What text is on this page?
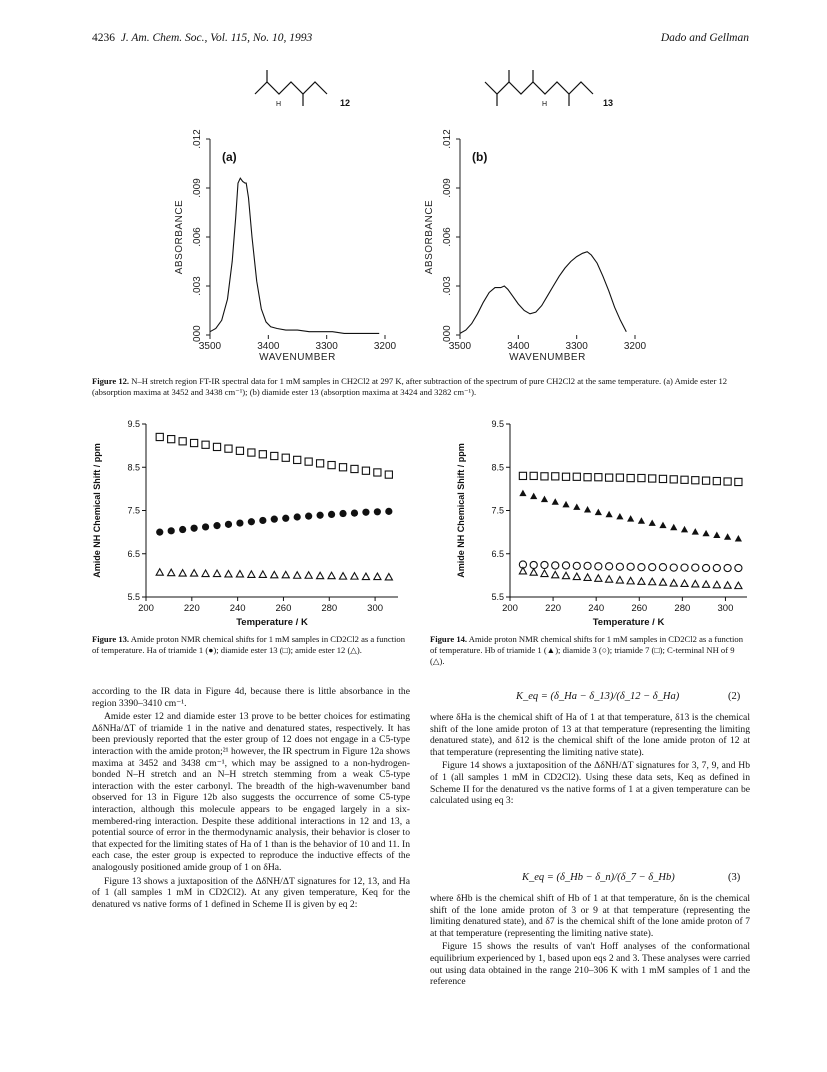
4236 J. Am. Chem. Soc., Vol. 115, No. 10, 1993	Dado and Gellman
.000
.003
.006
.009
.012
ABSORBANCE
3500	3400	3300	3200
WAVENUMBER
(a)
H	12
.000
.003
.006
.009
.012
ABSORBANCE
3500	3400	3300	3200
WAVENUMBER
(b)
H	13
Figure 12. N–H stretch region FT-IR spectral data for 1 mM samples in CH2Cl2 at 297 K, after subtraction of the spectrum of pure CH2Cl2 at the same temperature. (a) Amide ester 12 (absorption maxima at 3452 and 3438 cm⁻¹); (b) diamide ester 13 (absorption maxima at 3424 and 3282 cm⁻¹).
5.5
6.5
7.5
8.5
9.5
200	220	240	260	280	300
Amide NH Chemical Shift / ppm
Temperature / K
5.5
6.5
7.5
8.5
9.5
200	220	240	260	280	300
Amide NH Chemical Shift / ppm
Temperature / K
Figure 13. Amide proton NMR chemical shifts for 1 mM samples in CD2Cl2 as a function of temperature. Ha of triamide 1 (●); diamide ester 13 (□); amide ester 12 (△).
Figure 14. Amide proton NMR chemical shifts for 1 mM samples in CD2Cl2 as a function of temperature. Hb of triamide 1 (▲); diamide 3 (○); triamide 7 (□); C-terminal NH of 9 (△).

according to the IR data in Figure 4d, because there is little absorbance in the region 3390–3410 cm⁻¹.

Amide ester 12 and diamide ester 13 prove to be better choices for estimating ΔδNHa/ΔT of triamide 1 in the native and denatured states, respectively. It has been previously reported that the ester group of 12 does not engage in a C5-type interaction with the amide proton;²¹ however, the IR spectrum in Figure 12a shows maxima at 3452 and 3438 cm⁻¹, which may be assigned to a non-hydrogen-bonded N–H stretch and an N–H stretch stemming from a weak C5-type interaction with the ester carbonyl. The breadth of the high-wavenumber band observed for 13 in Figure 12b also suggests the occurrence of some C5-type interaction, although this molecule appears to be engaged largely in a six-membered-ring interaction. Despite these additional interactions in 12 and 13, a potential source of error in the thermodynamic analysis, their behavior is closer to that expected for the limiting states of Ha of 1 than is the behavior of 10 and 11. In each case, the ester group is expected to reproduce the inductive effects of the analogously positioned amide group of 1 on δHa.

Figure 13 shows a juxtaposition of the ΔδNH/ΔT signatures for 12, 13, and Ha of 1 (all samples 1 mM in CD2Cl2). At any given temperature, Keq for the denatured vs native forms of 1 defined in Scheme II is given by eq 2:

K_eq = (δ_Ha − δ_13)/(δ_12 − δ_Ha)	(2)

where δHa is the chemical shift of Ha of 1 at that temperature, δ13 is the chemical shift of the lone amide proton of 13 at that temperature (representing the limiting denatured state), and δ12 is the chemical shift of the lone amide proton of 12 at that temperature (representing the limiting native state).

Figure 14 shows a juxtaposition of the ΔδNH/ΔT signatures for 3, 7, 9, and Hb of 1 (all samples 1 mM in CD2Cl2). Using these data sets, Keq as defined in Scheme II for the denatured vs the native forms of 1 at a given temperature can be calculated using eq 3:

K_eq = (δ_Hb − δ_n)/(δ_7 − δ_Hb)	(3)

where δHb is the chemical shift of Hb of 1 at that temperature, δn is the chemical shift of the lone amide proton of 3 or 9 at that temperature (representing the limiting denatured state), and δ7 is the chemical shift of the lone amide proton of 7 at that temperature (representing the limiting native state).

Figure 15 shows the results of van't Hoff analyses of the conformational equilibrium experienced by 1, based upon eqs 2 and 3. These analyses were carried out using data obtained in the range 210–306 K with 1 mM samples of 1 and the reference
